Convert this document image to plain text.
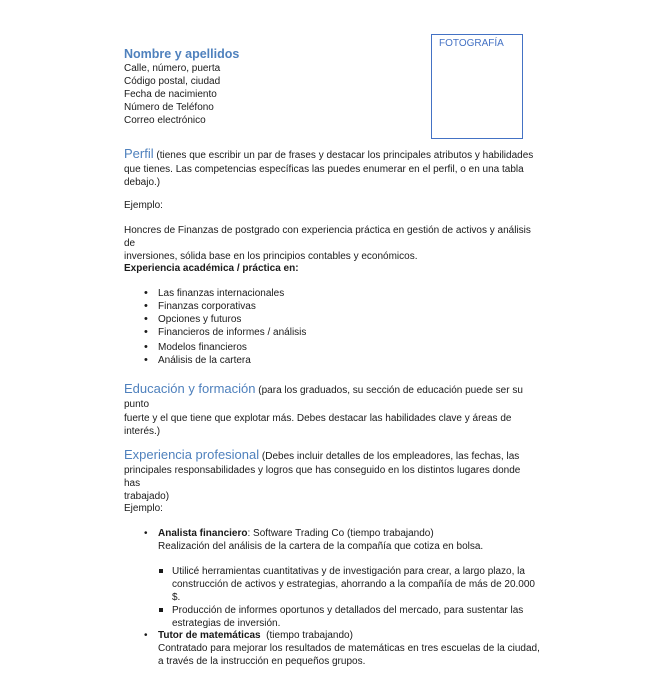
FOTOGRAFÍA
Nombre y apellidos
Calle, número, puerta
Código postal, ciudad
Fecha de nacimiento
Número de Teléfono
Correo electrónico
Perfil (tienes que escribir un par de frases y destacar los principales atributos y habilidades
que tienes. Las competencias específicas las puedes enumerar en el perfil, o en una tabla
debajo.)
Ejemplo:
Honcres de Finanzas de postgrado con experiencia práctica en gestión de activos y análisis de
inversiones, sólida base en los principios contables y económicos.
Experiencia académica / práctica en:
• Las finanzas internacionales
• Finanzas corporativas
• Opciones y futuros
• Financieros de informes / análisis
• Modelos financieros
• Análisis de la cartera
Educación y formación (para los graduados, su sección de educación puede ser su punto
fuerte y el que tiene que explotar más. Debes destacar las habilidades clave y áreas de
interés.)
Experiencia profesional (Debes incluir detalles de los empleadores, las fechas, las
principales responsabilidades y logros que has conseguido en los distintos lugares donde has
trabajado)
Ejemplo:
• Analista financiero: Software Trading Co (tiempo trabajando)
Realización del análisis de la cartera de la compañía que cotiza en bolsa.
Utilicé herramientas cuantitativas y de investigación para crear, a largo plazo, la
construcción de activos y estrategias, ahorrando a la compañía de más de 20.000 $.
Producción de informes oportunos y detallados del mercado, para sustentar las
estrategias de inversión.
• Tutor de matemáticas  (tiempo trabajando)
Contratado para mejorar los resultados de matemáticas en tres escuelas de la ciudad,
a través de la instrucción en pequeños grupos.
